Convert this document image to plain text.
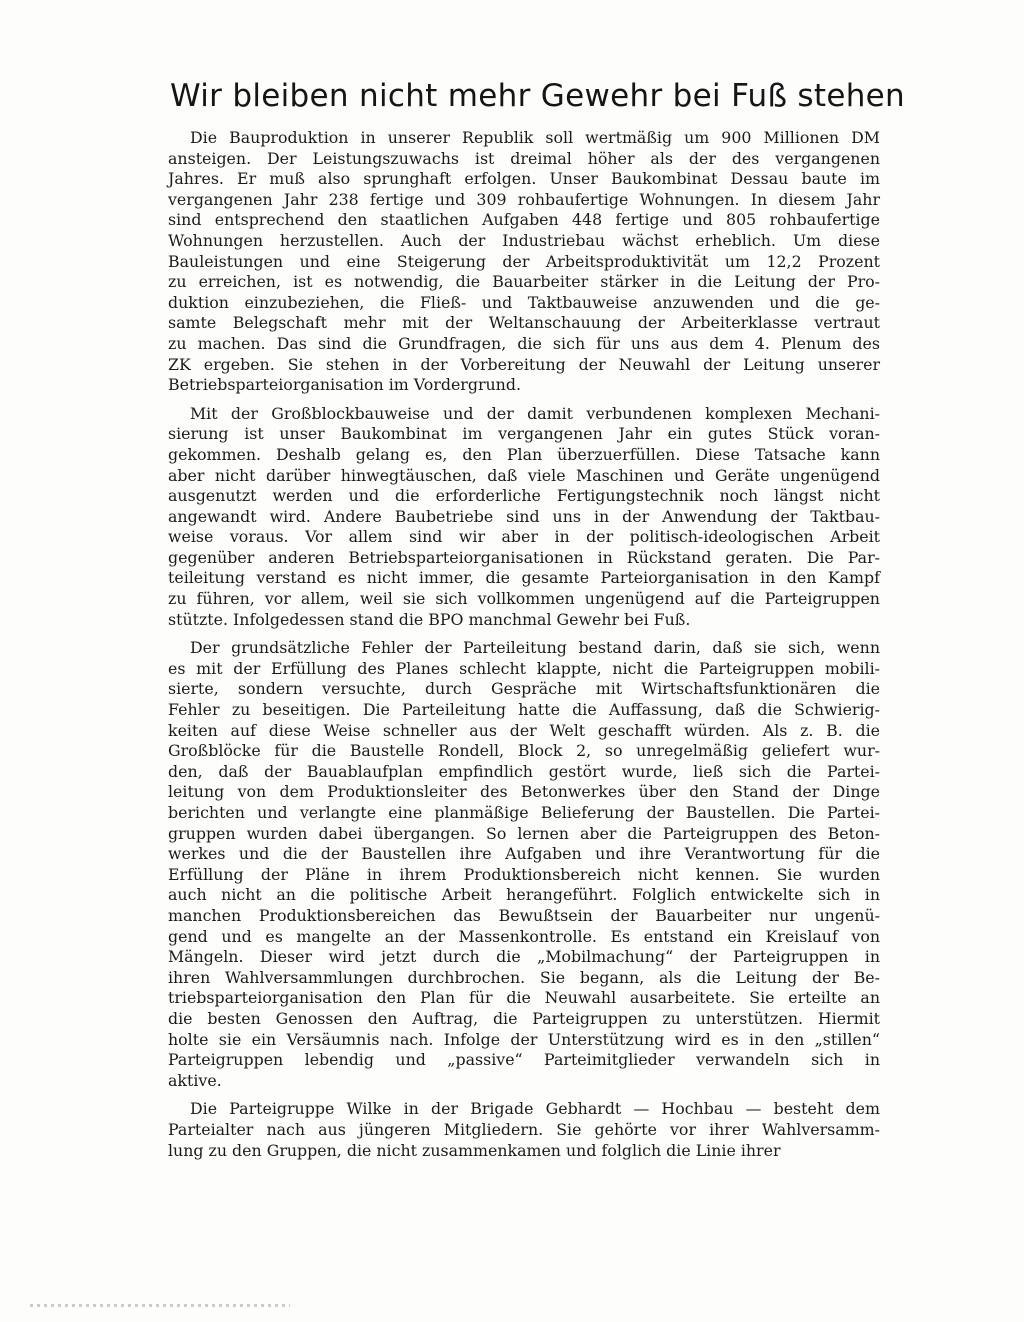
Wir bleiben nicht mehr Gewehr bei Fuß stehen
Die Bauproduktion in unserer Republik soll wertmäßig um 900 Millionen DM
ansteigen. Der Leistungszuwachs ist dreimal höher als der des vergangenen
Jahres. Er muß also sprunghaft erfolgen. Unser Baukombinat Dessau baute im
vergangenen Jahr 238 fertige und 309 rohbaufertige Wohnungen. In diesem Jahr
sind entsprechend den staatlichen Aufgaben 448 fertige und 805 rohbaufertige
Wohnungen herzustellen. Auch der Industriebau wächst erheblich. Um diese
Bauleistungen und eine Steigerung der Arbeitsproduktivität um 12,2 Prozent
zu erreichen, ist es notwendig, die Bauarbeiter stärker in die Leitung der Pro-
duktion einzubeziehen, die Fließ- und Taktbauweise anzuwenden und die ge-
samte Belegschaft mehr mit der Weltanschauung der Arbeiterklasse vertraut
zu machen. Das sind die Grundfragen, die sich für uns aus dem 4. Plenum des
ZK ergeben. Sie stehen in der Vorbereitung der Neuwahl der Leitung unserer
Betriebsparteiorganisation im Vordergrund.
Mit der Großblockbauweise und der damit verbundenen komplexen Mechani-
sierung ist unser Baukombinat im vergangenen Jahr ein gutes Stück voran-
gekommen. Deshalb gelang es, den Plan überzuerfüllen. Diese Tatsache kann
aber nicht darüber hinwegtäuschen, daß viele Maschinen und Geräte ungenügend
ausgenutzt werden und die erforderliche Fertigungstechnik noch längst nicht
angewandt wird. Andere Baubetriebe sind uns in der Anwendung der Taktbau-
weise voraus. Vor allem sind wir aber in der politisch-ideologischen Arbeit
gegenüber anderen Betriebsparteiorganisationen in Rückstand geraten. Die Par-
teileitung verstand es nicht immer, die gesamte Parteiorganisation in den Kampf
zu führen, vor allem, weil sie sich vollkommen ungenügend auf die Parteigruppen
stützte. Infolgedessen stand die BPO manchmal Gewehr bei Fuß.
Der grundsätzliche Fehler der Parteileitung bestand darin, daß sie sich, wenn
es mit der Erfüllung des Planes schlecht klappte, nicht die Parteigruppen mobili-
sierte, sondern versuchte, durch Gespräche mit Wirtschaftsfunktionären die
Fehler zu beseitigen. Die Parteileitung hatte die Auffassung, daß die Schwierig-
keiten auf diese Weise schneller aus der Welt geschafft würden. Als z. B. die
Großblöcke für die Baustelle Rondell, Block 2, so unregelmäßig geliefert wur-
den, daß der Bauablaufplan empfindlich gestört wurde, ließ sich die Partei-
leitung von dem Produktionsleiter des Betonwerkes über den Stand der Dinge
berichten und verlangte eine planmäßige Belieferung der Baustellen. Die Partei-
gruppen wurden dabei übergangen. So lernen aber die Parteigruppen des Beton-
werkes und die der Baustellen ihre Aufgaben und ihre Verantwortung für die
Erfüllung der Pläne in ihrem Produktionsbereich nicht kennen. Sie wurden
auch nicht an die politische Arbeit herangeführt. Folglich entwickelte sich in
manchen Produktionsbereichen das Bewußtsein der Bauarbeiter nur ungenü-
gend und es mangelte an der Massenkontrolle. Es entstand ein Kreislauf von
Mängeln. Dieser wird jetzt durch die „Mobilmachung“ der Parteigruppen in
ihren Wahlversammlungen durchbrochen. Sie begann, als die Leitung der Be-
triebsparteiorganisation den Plan für die Neuwahl ausarbeitete. Sie erteilte an
die besten Genossen den Auftrag, die Parteigruppen zu unterstützen. Hiermit
holte sie ein Versäumnis nach. Infolge der Unterstützung wird es in den „stillen“
Parteigruppen lebendig und „passive“ Parteimitglieder verwandeln sich in
aktive.
Die Parteigruppe Wilke in der Brigade Gebhardt — Hochbau — besteht dem
Parteialter nach aus jüngeren Mitgliedern. Sie gehörte vor ihrer Wahlversamm-
lung zu den Gruppen, die nicht zusammenkamen und folglich die Linie ihrer
